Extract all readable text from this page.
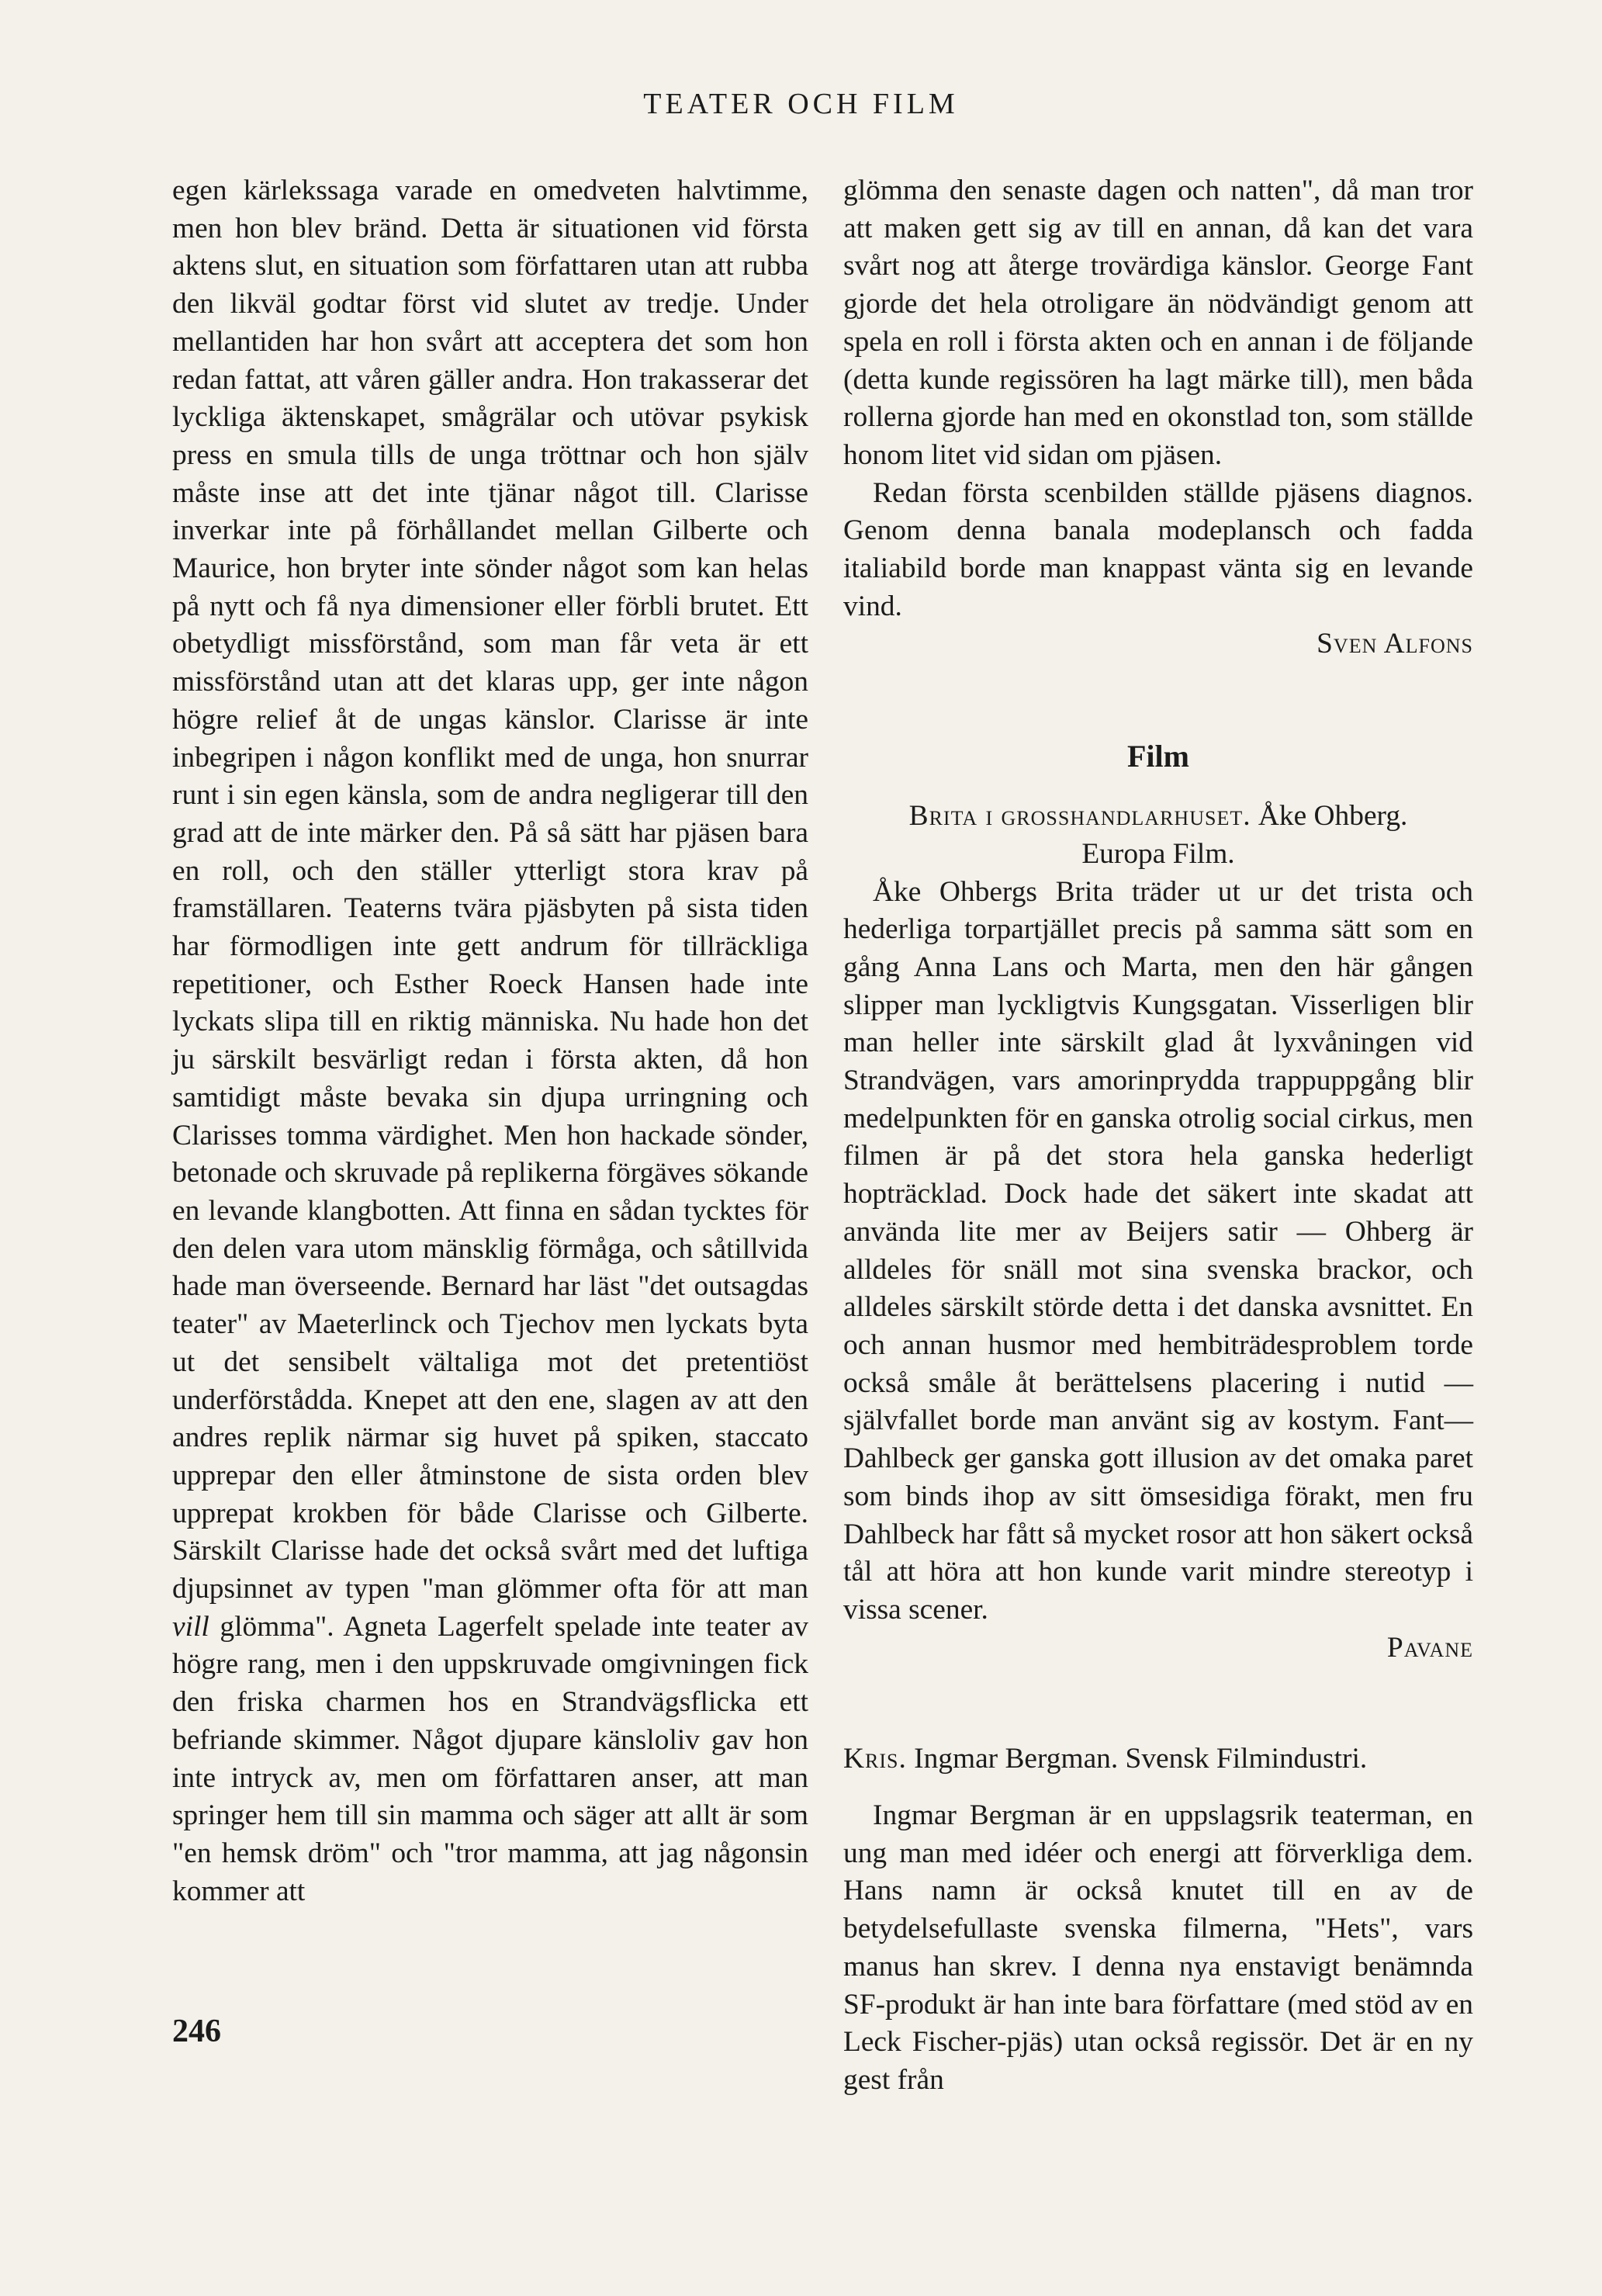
TEATER OCH FILM

egen kärlekssaga varade en omedveten halvtimme, men hon blev bränd. Detta är situationen vid första aktens slut, en situation som författaren utan att rubba den likväl godtar först vid slutet av tredje. Under mellantiden har hon svårt att acceptera det som hon redan fattat, att våren gäller andra. Hon trakasserar det lyckliga äktenskapet, smågrälar och utövar psykisk press en smula tills de unga tröttnar och hon själv måste inse att det inte tjänar något till. Clarisse inverkar inte på förhållandet mellan Gilberte och Maurice, hon bryter inte sönder något som kan helas på nytt och få nya dimensioner eller förbli brutet. Ett obetydligt missförstånd, som man får veta är ett missförstånd utan att det klaras upp, ger inte någon högre relief åt de ungas känslor. Clarisse är inte inbegripen i någon konflikt med de unga, hon snurrar runt i sin egen känsla, som de andra negligerar till den grad att de inte märker den. På så sätt har pjäsen bara en roll, och den ställer ytterligt stora krav på framställaren. Teaterns tvära pjäsbyten på sista tiden har förmodligen inte gett andrum för tillräckliga repetitioner, och Esther Roeck Hansen hade inte lyckats slipa till en riktig människa. Nu hade hon det ju särskilt besvärligt redan i första akten, då hon samtidigt måste bevaka sin djupa urringning och Clarisses tomma värdighet. Men hon hackade sönder, betonade och skruvade på replikerna förgäves sökande en levande klangbotten. Att finna en sådan tycktes för den delen vara utom mänsklig förmåga, och såtillvida hade man överseende. Bernard har läst "det outsagdas teater" av Maeterlinck och Tjechov men lyckats byta ut det sensibelt vältaliga mot det pretentiöst underförstådda. Knepet att den ene, slagen av att den andres replik närmar sig huvet på spiken, staccato upprepar den eller åtminstone de sista orden blev upprepat krokben för både Clarisse och Gilberte. Särskilt Clarisse hade det också svårt med det luftiga djupsinnet av typen "man glömmer ofta för att man vill glömma". Agneta Lagerfelt spelade inte teater av högre rang, men i den uppskruvade omgivningen fick den friska charmen hos en Strandvägsflicka ett befriande skimmer. Något djupare känsloliv gav hon inte intryck av, men om författaren anser, att man springer hem till sin mamma och säger att allt är som "en hemsk dröm" och "tror mamma, att jag någonsin kommer att

glömma den senaste dagen och natten", då man tror att maken gett sig av till en annan, då kan det vara svårt nog att återge trovärdiga känslor. George Fant gjorde det hela otroligare än nödvändigt genom att spela en roll i första akten och en annan i de följande (detta kunde regissören ha lagt märke till), men båda rollerna gjorde han med en okonstlad ton, som ställde honom litet vid sidan om pjäsen.

Redan första scenbilden ställde pjäsens diagnos. Genom denna banala modeplansch och fadda italiabild borde man knappast vänta sig en levande vind.
Sven Alfons

Film

Brita i grosshandlarhuset. Åke Ohberg.
Europa Film.

Åke Ohbergs Brita träder ut ur det trista och hederliga torpartjället precis på samma sätt som en gång Anna Lans och Marta, men den här gången slipper man lyckligtvis Kungsgatan. Visserligen blir man heller inte särskilt glad åt lyxvåningen vid Strandvägen, vars amorinprydda trappuppgång blir medelpunkten för en ganska otrolig social cirkus, men filmen är på det stora hela ganska hederligt hopträcklad. Dock hade det säkert inte skadat att använda lite mer av Beijers satir — Ohberg är alldeles för snäll mot sina svenska brackor, och alldeles särskilt störde detta i det danska avsnittet. En och annan husmor med hembiträdesproblem torde också småle åt berättelsens placering i nutid — självfallet borde man använt sig av kostym. Fant—Dahlbeck ger ganska gott illusion av det omaka paret som binds ihop av sitt ömsesidiga förakt, men fru Dahlbeck har fått så mycket rosor att hon säkert också tål att höra att hon kunde varit mindre stereotyp i vissa scener.
Pavane

Kris. Ingmar Bergman. Svensk Filmindustri.

Ingmar Bergman är en uppslagsrik teaterman, en ung man med idéer och energi att förverkliga dem. Hans namn är också knutet till en av de betydelsefullaste svenska filmerna, "Hets", vars manus han skrev. I denna nya enstavigt benämnda SF-produkt är han inte bara författare (med stöd av en Leck Fischer-pjäs) utan också regissör. Det är en ny gest från

246
